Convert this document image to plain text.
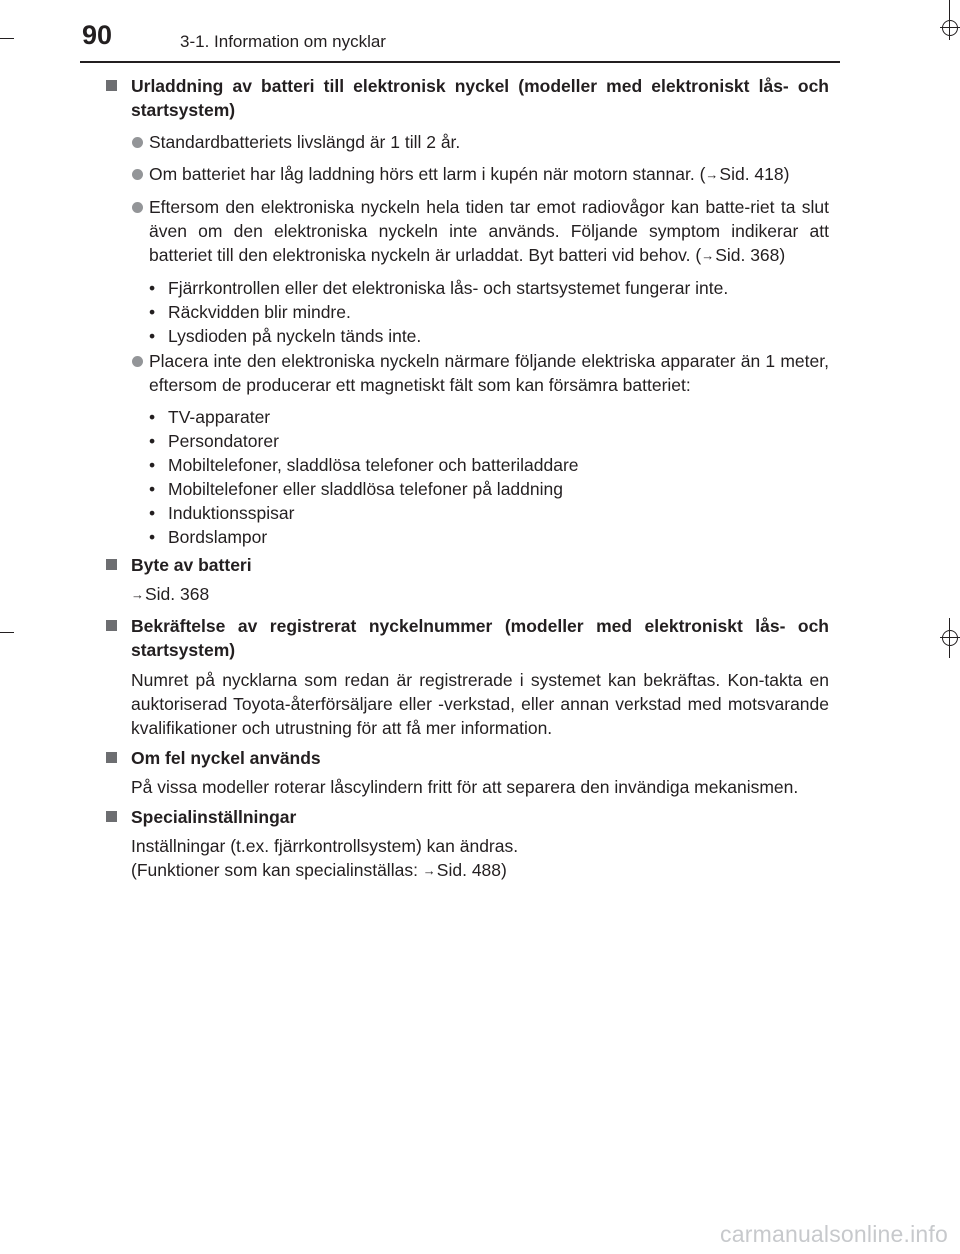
90	3-1. Information om nycklar
Urladdning av batteri till elektronisk nyckel (modeller med elektroniskt lås- och startsystem)
Standardbatteriets livslängd är 1 till 2 år.
Om batteriet har låg laddning hörs ett larm i kupén när motorn stannar. (→Sid. 418)
Eftersom den elektroniska nyckeln hela tiden tar emot radiovågor kan batte-riet ta slut även om den elektroniska nyckeln inte används. Följande symptom indikerar att batteriet till den elektroniska nyckeln är urladdat. Byt batteri vid behov. (→Sid. 368)
• Fjärrkontrollen eller det elektroniska lås- och startsystemet fungerar inte.
• Räckvidden blir mindre.
• Lysdioden på nyckeln tänds inte.
Placera inte den elektroniska nyckeln närmare följande elektriska apparater än 1 meter, eftersom de producerar ett magnetiskt fält som kan försämra batteriet:
• TV-apparater
• Persondatorer
• Mobiltelefoner, sladdlösa telefoner och batteriladdare
• Mobiltelefoner eller sladdlösa telefoner på laddning
• Induktionsspisar
• Bordslampor
Byte av batteri
→Sid. 368
Bekräftelse av registrerat nyckelnummer (modeller med elektroniskt lås- och startsystem)
Numret på nycklarna som redan är registrerade i systemet kan bekräftas. Kon-takta en auktoriserad Toyota-återförsäljare eller -verkstad, eller annan verkstad med motsvarande kvalifikationer och utrustning för att få mer information.
Om fel nyckel används
På vissa modeller roterar låscylindern fritt för att separera den invändiga mekanismen.
Specialinställningar
Inställningar (t.ex. fjärrkontrollsystem) kan ändras.
(Funktioner som kan specialinställas: →Sid. 488)
carmanualsonline.info
